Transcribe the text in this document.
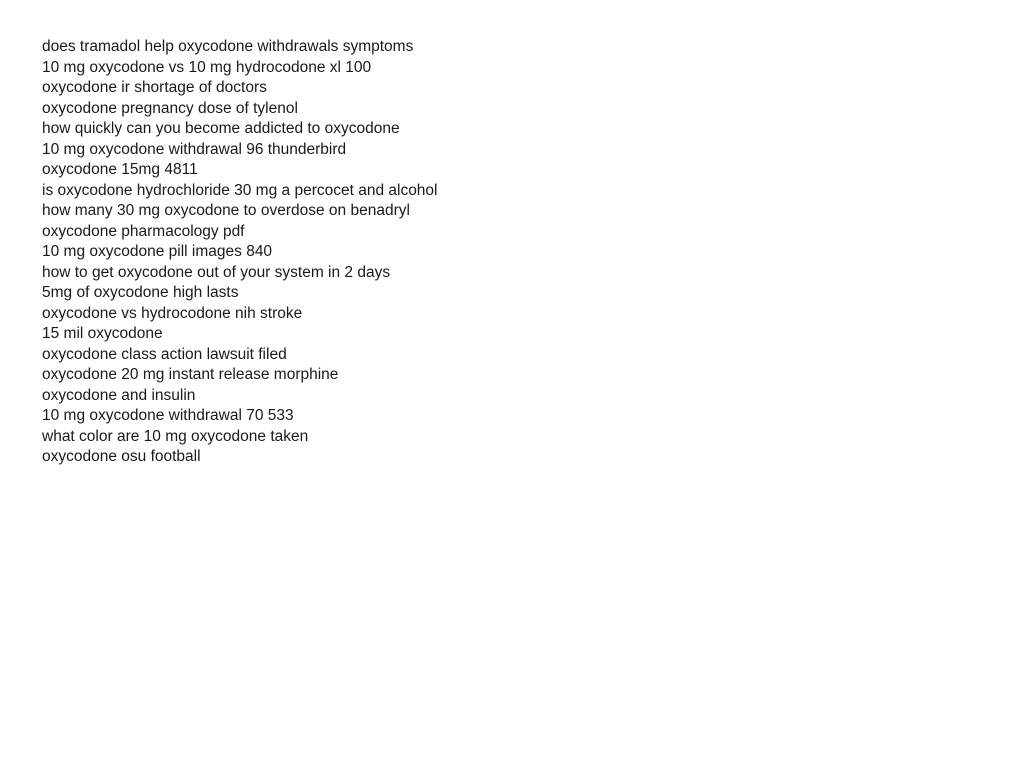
does tramadol help oxycodone withdrawals symptoms
10 mg oxycodone vs 10 mg hydrocodone xl 100
oxycodone ir shortage of doctors
oxycodone pregnancy dose of tylenol
how quickly can you become addicted to oxycodone
10 mg oxycodone withdrawal 96 thunderbird
oxycodone 15mg 4811
is oxycodone hydrochloride 30 mg a percocet and alcohol
how many 30 mg oxycodone to overdose on benadryl
oxycodone pharmacology pdf
10 mg oxycodone pill images 840
how to get oxycodone out of your system in 2 days
5mg of oxycodone high lasts
oxycodone vs hydrocodone nih stroke
15 mil oxycodone
oxycodone class action lawsuit filed
oxycodone 20 mg instant release morphine
oxycodone and insulin
10 mg oxycodone withdrawal 70 533
what color are 10 mg oxycodone taken
oxycodone osu football
